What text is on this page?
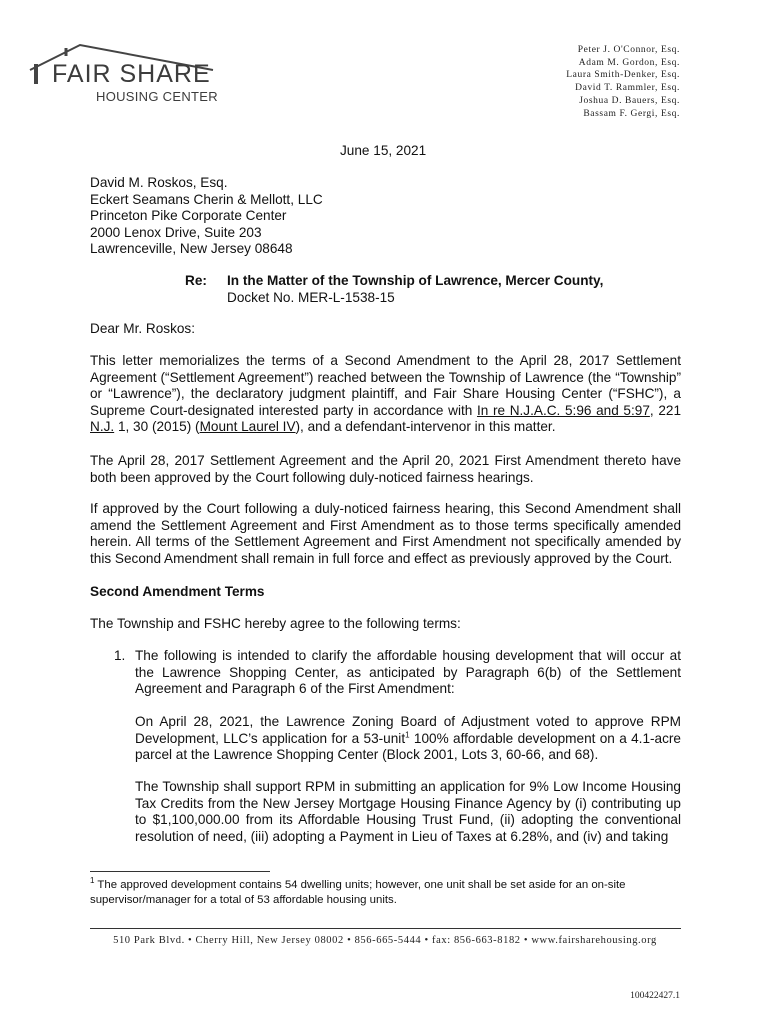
FAIR SHARE
HOUSING CENTER
Peter J. O'Connor, Esq.
Adam M. Gordon, Esq.
Laura Smith-Denker, Esq.
David T. Rammler, Esq.
Joshua D. Bauers, Esq.
Bassam F. Gergi, Esq.
June 15, 2021
David M. Roskos, Esq.
Eckert Seamans Cherin & Mellott, LLC
Princeton Pike Corporate Center
2000 Lenox Drive, Suite 203
Lawrenceville, New Jersey 08648
Re: In the Matter of the Township of Lawrence, Mercer County,
Docket No. MER-L-1538-15
Dear Mr. Roskos:
This letter memorializes the terms of a Second Amendment to the April 28, 2017 Settlement Agreement (“Settlement Agreement”) reached between the Township of Lawrence (the “Township” or “Lawrence”), the declaratory judgment plaintiff, and Fair Share Housing Center (“FSHC”), a Supreme Court-designated interested party in accordance with In re N.J.A.C. 5:96 and 5:97, 221 N.J. 1, 30 (2015) (Mount Laurel IV), and a defendant-intervenor in this matter.
The April 28, 2017 Settlement Agreement and the April 20, 2021 First Amendment thereto have both been approved by the Court following duly-noticed fairness hearings.
If approved by the Court following a duly-noticed fairness hearing, this Second Amendment shall amend the Settlement Agreement and First Amendment as to those terms specifically amended herein. All terms of the Settlement Agreement and First Amendment not specifically amended by this Second Amendment shall remain in full force and effect as previously approved by the Court.
Second Amendment Terms
The Township and FSHC hereby agree to the following terms:
1. The following is intended to clarify the affordable housing development that will occur at the Lawrence Shopping Center, as anticipated by Paragraph 6(b) of the Settlement Agreement and Paragraph 6 of the First Amendment:
On April 28, 2021, the Lawrence Zoning Board of Adjustment voted to approve RPM Development, LLC’s application for a 53-unit$^1$ 100% affordable development on a 4.1-acre parcel at the Lawrence Shopping Center (Block 2001, Lots 3, 60-66, and 68).
The Township shall support RPM in submitting an application for 9% Low Income Housing Tax Credits from the New Jersey Mortgage Housing Finance Agency by (i) contributing up to $1,100,000.00 from its Affordable Housing Trust Fund, (ii) adopting the conventional resolution of need, (iii) adopting a Payment in Lieu of Taxes at 6.28%, and (iv) and taking
$^1$ The approved development contains 54 dwelling units; however, one unit shall be set aside for an on-site supervisor/manager for a total of 53 affordable housing units.
510 Park Blvd. • Cherry Hill, New Jersey 08002 • 856-665-5444 • fax: 856-663-8182 • www.fairsharehousing.org
100422427.1
